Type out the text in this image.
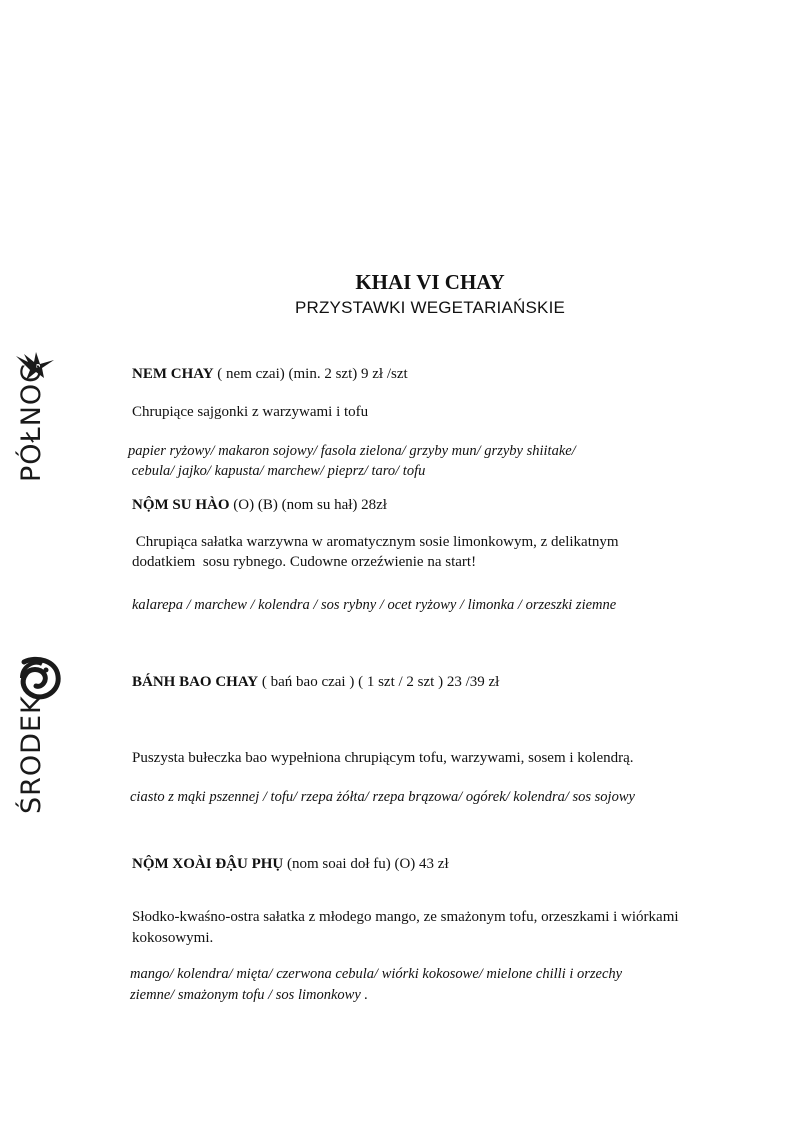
KHAI VI CHAY
PRZYSTAWKI WEGETARIAŃSKIE
PÓŁNOC
ŚRODEK
NEM CHAY ( nem czai) (min. 2 szt) 9 zł /szt
Chrupiące sajgonki z warzywami i tofu
papier ryżowy/ makaron sojowy/ fasola zielona/ grzyby mun/ grzyby shiitake/
cebula/ jajko/ kapusta/ marchew/ pieprz/ taro/ tofu
NỘM SU HÀO (O) (B) (nom su hał) 28zł
Chrupiąca sałatka warzywna w aromatycznym sosie limonkowym, z delikatnym
dodatkiem  sosu rybnego. Cudowne orzeźwienie na start!
kalarepa / marchew / kolendra / sos rybny / ocet ryżowy / limonka / orzeszki ziemne
BÁNH BAO CHAY ( bań bao czai ) ( 1 szt / 2 szt ) 23 /39 zł
Puszysta bułeczka bao wypełniona chrupiącym tofu, warzywami, sosem i kolendrą.
ciasto z mąki pszennej / tofu/ rzepa żółta/ rzepa brązowa/ ogórek/ kolendra/ sos sojowy
NỘM XOÀI ĐẬU PHỤ (nom soai doł fu) (O) 43 zł
Słodko-kwaśno-ostra sałatka z młodego mango, ze smażonym tofu, orzeszkami i wiórkami
kokosowymi.
mango/ kolendra/ mięta/ czerwona cebula/ wiórki kokosowe/ mielone chilli i orzechy
ziemne/ smażonym tofu / sos limonkowy .
